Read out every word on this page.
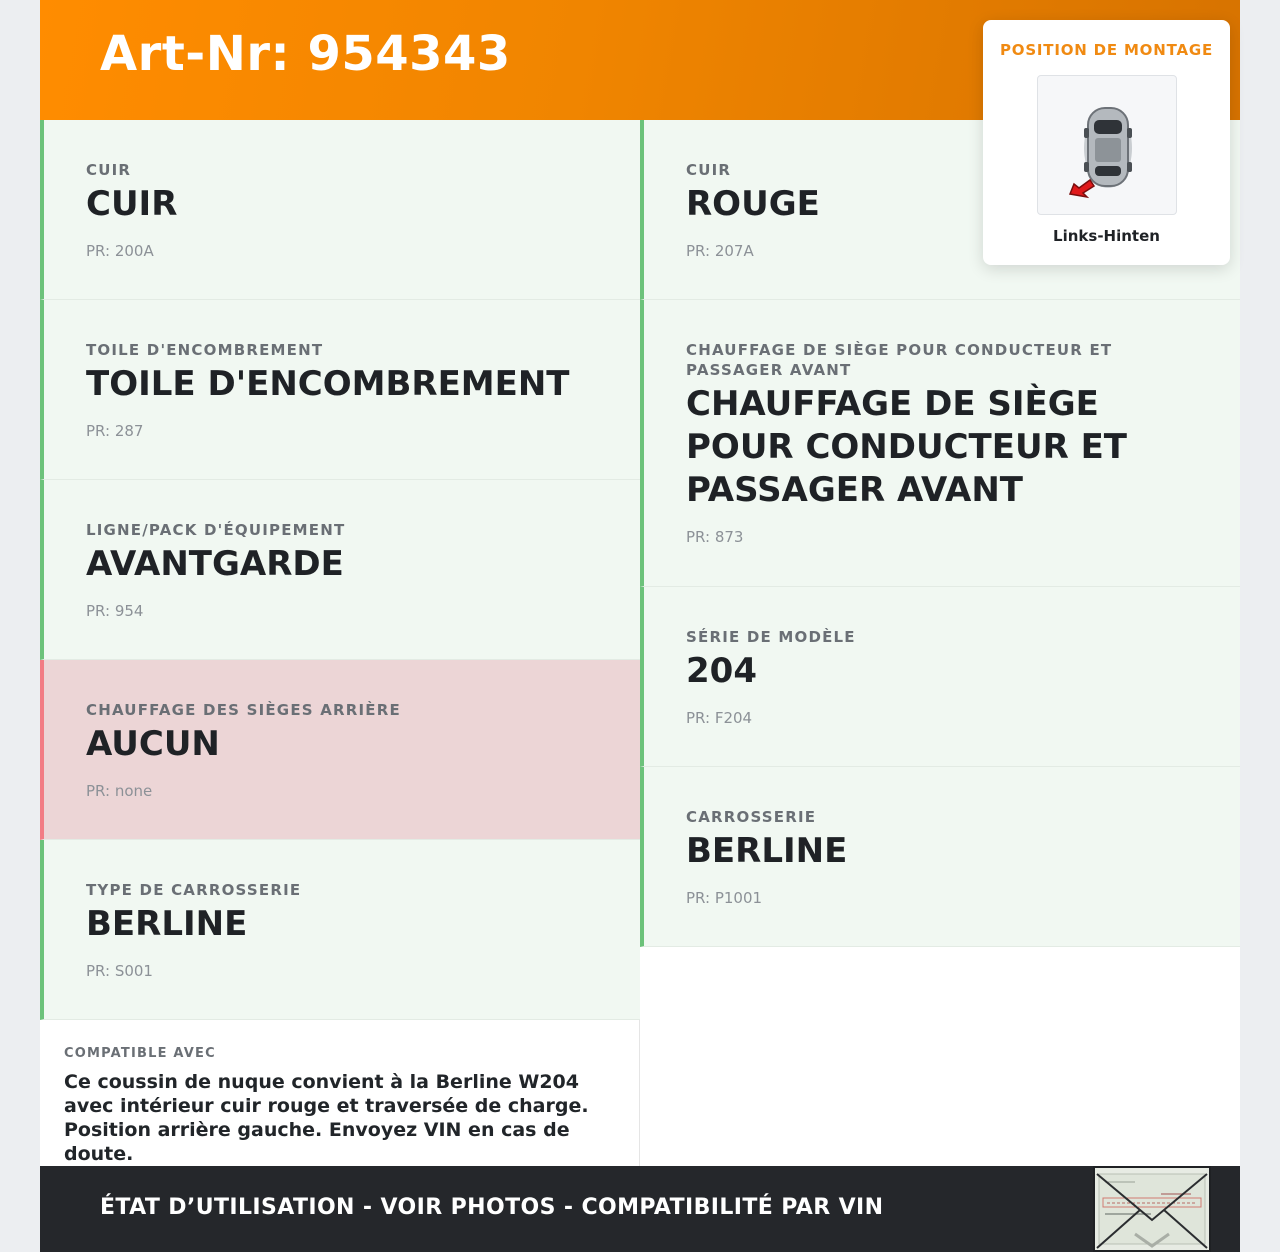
Art-Nr: 954343
CUIR
CUIR
PR: 200A
TOILE D'ENCOMBREMENT
TOILE D'ENCOMBREMENT
PR: 287
LIGNE/PACK D'ÉQUIPEMENT
AVANTGARDE
PR: 954
CHAUFFAGE DES SIÈGES ARRIÈRE
AUCUN
PR: none
TYPE DE CARROSSERIE
BERLINE
PR: S001
CUIR
ROUGE
PR: 207A
CHAUFFAGE DE SIÈGE POUR CONDUCTEUR ET PASSAGER AVANT
CHAUFFAGE DE SIÈGE POUR CONDUCTEUR ET PASSAGER AVANT
PR: 873
SÉRIE DE MODÈLE
204
PR: F204
CARROSSERIE
BERLINE
PR: P1001
COMPATIBLE AVEC
Ce coussin de nuque convient à la Berline W204 avec intérieur cuir rouge et traversée de charge. Position arrière gauche. Envoyez VIN en cas de doute.
ÉTAT D’UTILISATION - VOIR PHOTOS - COMPATIBILITÉ PAR VIN
POSITION DE MONTAGE
Links-Hinten
